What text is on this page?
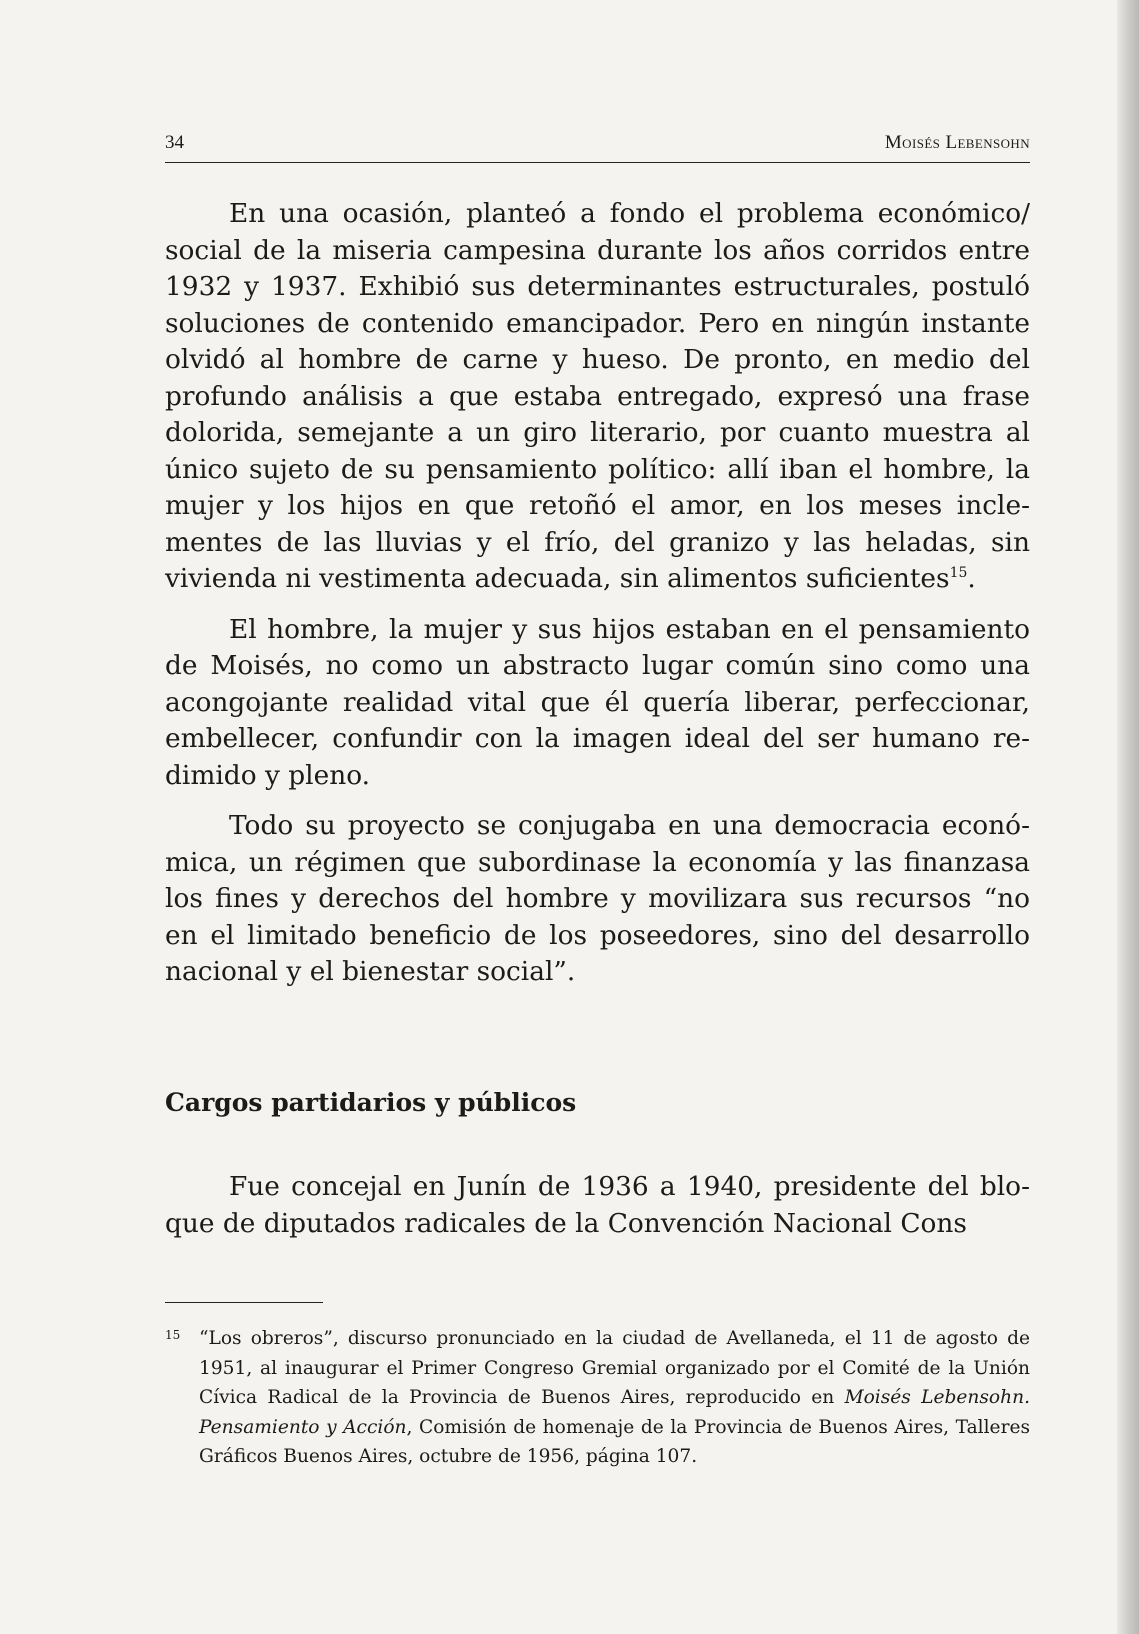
34	Moisés Lebensohn

En una ocasión, planteó a fondo el problema económico/ social de la miseria campesina durante los años corridos entre 1932 y 1937. Exhibió sus determinantes estructurales, postuló soluciones de contenido emancipador. Pero en ningún instante olvidó al hombre de carne y hueso. De pronto, en medio del profundo análisis a que estaba entregado, expresó una frase dolorida, semejante a un giro literario, por cuanto muestra al único sujeto de su pensamiento político: allí iban el hombre, la mujer y los hijos en que retoñó el amor, en los meses inclementes de las lluvias y el frío, del granizo y las heladas, sin vivienda ni vestimenta adecuada, sin alimentos suficientes$^{15}$.

El hombre, la mujer y sus hijos estaban en el pensamiento de Moisés, no como un abstracto lugar común sino como una acongojante realidad vital que él quería liberar, perfeccionar, embellecer, confundir con la imagen ideal del ser humano redimido y pleno.

Todo su proyecto se conjugaba en una democracia económica, un régimen que subordinase la economía y las finanzasa los fines y derechos del hombre y movilizara sus recursos “no en el limitado beneficio de los poseedores, sino del desarrollo nacional y el bienestar social”.

Cargos partidarios y públicos

Fue concejal en Junín de 1936 a 1940, presidente del bloque de diputados radicales de la Convención Nacional Cons

15 “Los obreros”, discurso pronunciado en la ciudad de Avellaneda, el 11 de agosto de 1951, al inaugurar el Primer Congreso Gremial organizado por el Comité de la Unión Cívica Radical de la Provincia de Buenos Aires, reproducido en Moisés Lebensohn. Pensamiento y Acción, Comisión de homenaje de la Provincia de Buenos Aires, Talleres Gráficos Buenos Aires, octubre de 1956, página 107.
